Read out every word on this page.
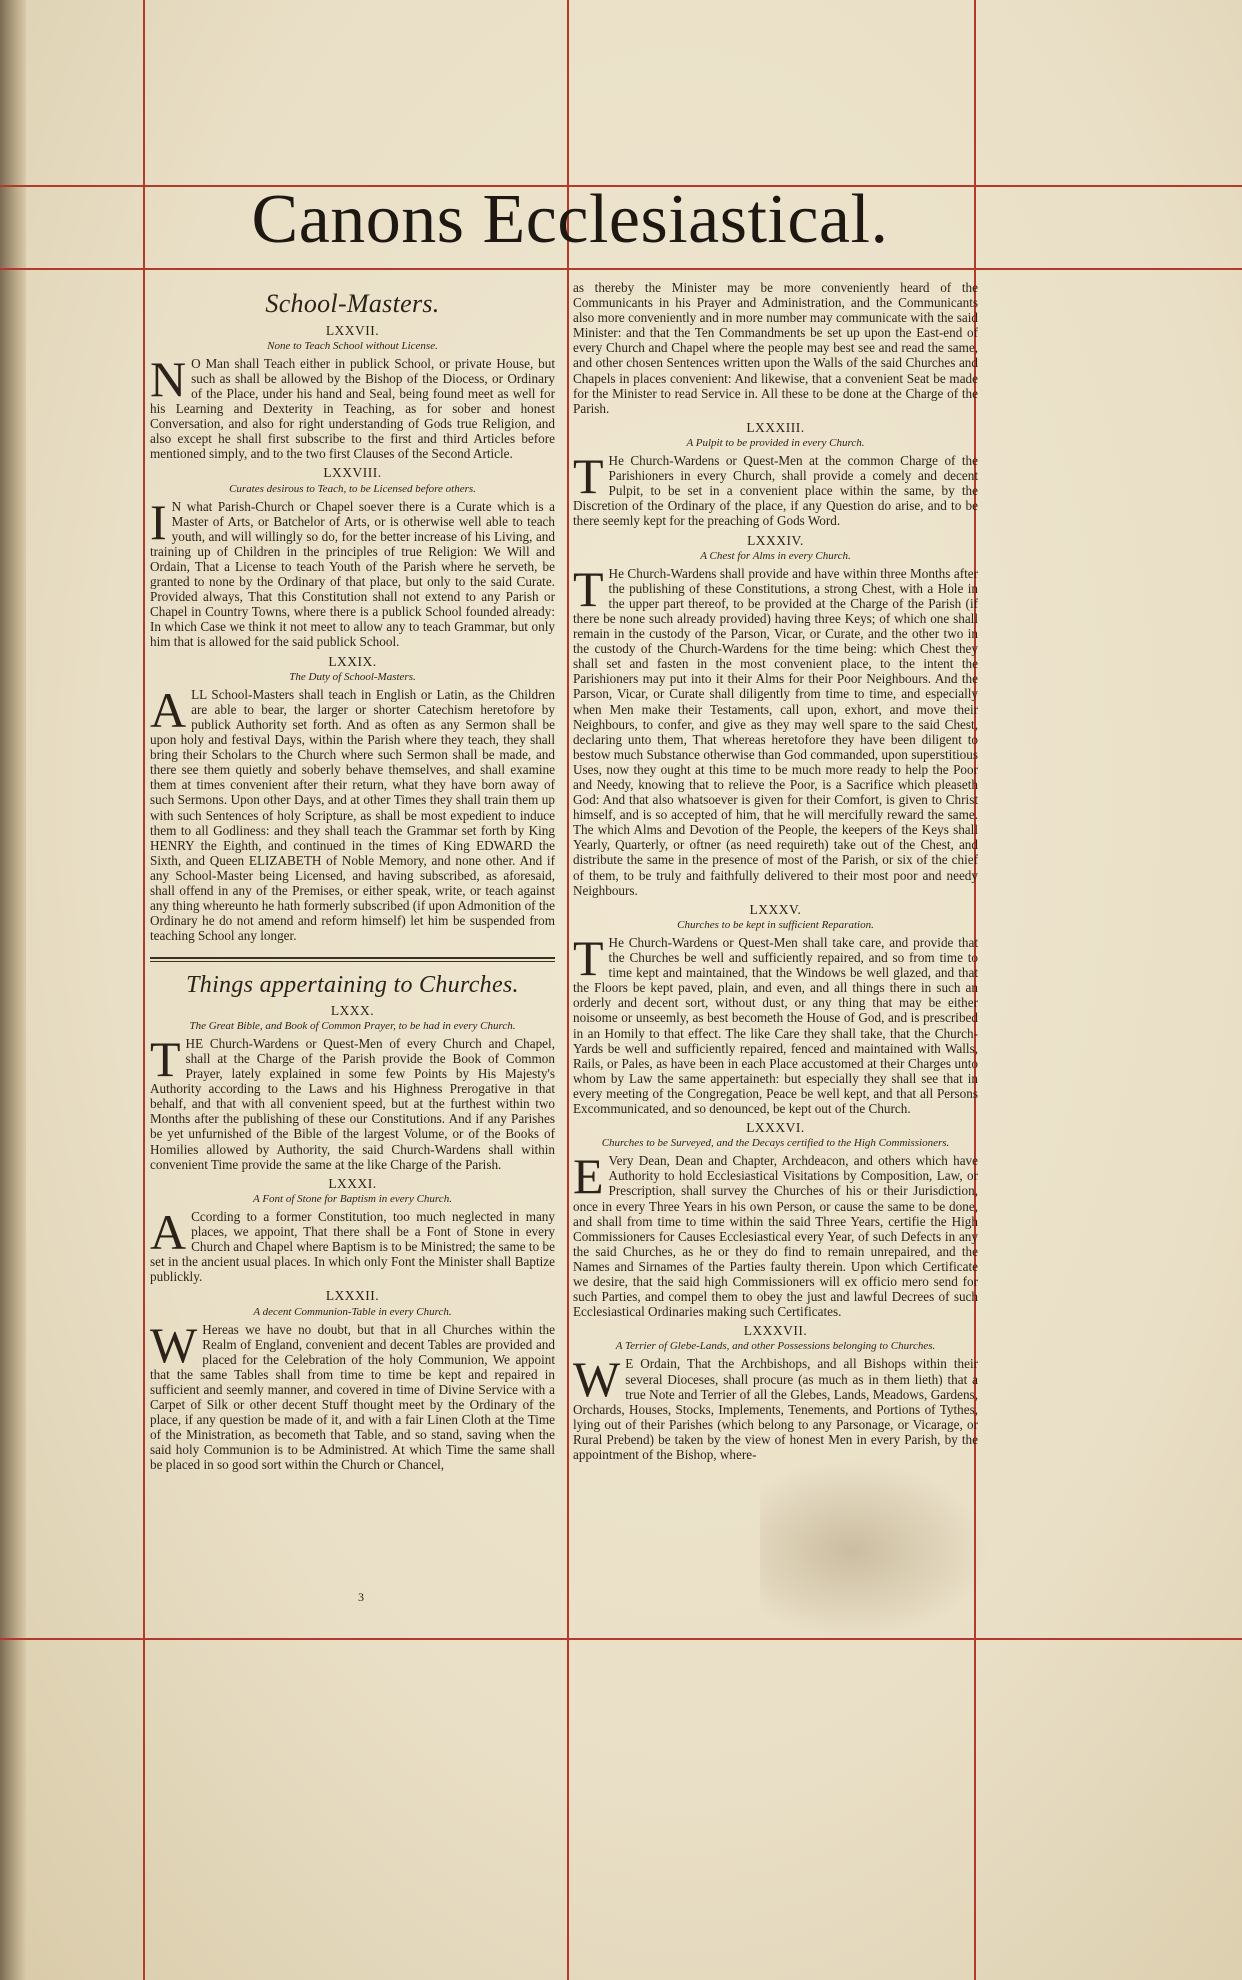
Canons Ecclesiastical.
School-Masters.
LXXVII.
None to Teach School without License.
N O Man shall Teach either in publick School, or private House, but such as shall be allowed by the Bishop of the Diocess, or Ordinary of the Place, under his hand and Seal, being found meet as well for his Learning and Dexterity in Teaching, as for sober and honest Conversation, and also for right understanding of Gods true Religion, and also except he shall first subscribe to the first and third Articles before mentioned simply, and to the two first Clauses of the Second Article.
LXXVIII.
Curates desirous to Teach, to be Licensed before others.
I N what Parish-Church or Chapel soever there is a Curate which is a Master of Arts, or Batchelor of Arts, or is otherwise well able to teach youth, and will willingly so do, for the better increase of his Living, and training up of Children in the principles of true Religion: We Will and Ordain, That a License to teach Youth of the Parish where he serveth, be granted to none by the Ordinary of that place, but only to the said Curate. Provided always, That this Constitution shall not extend to any Parish or Chapel in Country Towns, where there is a publick School founded already: In which Case we think it not meet to allow any to teach Grammar, but only him that is allowed for the said publick School.
LXXIX.
The Duty of School-Masters.
ALL School-Masters shall teach in English or Latin, as the Children are able to bear, the larger or shorter Catechism heretofore by publick Authority set forth. And as often as any Sermon shall be upon holy and festival Days, within the Parish where they teach, they shall bring their Scholars to the Church where such Sermon shall be made, and there see them quietly and soberly behave themselves, and shall examine them at times convenient after their return, what they have born away of such Sermons. Upon other Days, and at other Times they shall train them up with such Sentences of holy Scripture, as shall be most expedient to induce them to all Godliness: and they shall teach the Grammar set forth by King HENRY the Eighth, and continued in the times of King EDWARD the Sixth, and Queen ELIZABETH of Noble Memory, and none other. And if any School-Master being Licensed, and having subscribed, as aforesaid, shall offend in any of the Premises, or either speak, write, or teach against any thing whereunto he hath formerly subscribed (if upon Admonition of the Ordinary he do not amend and reform himself) let him be suspended from teaching School any longer.
Things appertaining to Churches.
LXXX.
The Great Bible, and Book of Common Prayer, to be had in every Church.
THE Church-Wardens or Quest-Men of every Church and Chapel, shall at the Charge of the Parish provide the Book of Common Prayer, lately explained in some few Points by His Majesty's Authority according to the Laws and his Highness Prerogative in that behalf, and that with all convenient speed, but at the furthest within two Months after the publishing of these our Constitutions. And if any Parishes be yet unfurnished of the Bible of the largest Volume, or of the Books of Homilies allowed by Authority, the said Church-Wardens shall within convenient Time provide the same at the like Charge of the Parish.
LXXXI.
A Font of Stone for Baptism in every Church.
A Ccording to a former Constitution, too much neglected in many places, we appoint, That there shall be a Font of Stone in every Church and Chapel where Baptism is to be Ministred; the same to be set in the ancient usual places. In which only Font the Minister shall Baptize publickly.
LXXXII.
A decent Communion-Table in every Church.
W Hereas we have no doubt, but that in all Churches within the Realm of England, convenient and decent Tables are provided and placed for the Celebration of the holy Communion, We appoint that the same Tables shall from time to time be kept and repaired in sufficient and seemly manner, and covered in time of Divine Service with a Carpet of Silk or other decent Stuff thought meet by the Ordinary of the place, if any question be made of it, and with a fair Linen Cloth at the Time of the Ministration, as becometh that Table, and so stand, saving when the said holy Communion is to be Administred. At which Time the same shall be placed in so good sort within the Church or Chancel,
as thereby the Minister may be more conveniently heard of the Communicants in his Prayer and Administration, and the Communicants also more conveniently and in more number may communicate with the said Minister: and that the Ten Commandments be set up upon the East-end of every Church and Chapel where the people may best see and read the same, and other chosen Sentences written upon the Walls of the said Churches and Chapels in places convenient: And likewise, that a convenient Seat be made for the Minister to read Service in. All these to be done at the Charge of the Parish.
LXXXIII.
A Pulpit to be provided in every Church.
T He Church-Wardens or Quest-Men at the common Charge of the Parishioners in every Church, shall provide a comely and decent Pulpit, to be set in a convenient place within the same, by the Discretion of the Ordinary of the place, if any Question do arise, and to be there seemly kept for the preaching of Gods Word.
LXXXIV.
A Chest for Alms in every Church.
T He Church-Wardens shall provide and have within three Months after the publishing of these Constitutions, a strong Chest, with a Hole in the upper part thereof, to be provided at the Charge of the Parish (if there be none such already provided) having three Keys; of which one shall remain in the custody of the Parson, Vicar, or Curate, and the other two in the custody of the Church-Wardens for the time being: which Chest they shall set and fasten in the most convenient place, to the intent the Parishioners may put into it their Alms for their Poor Neighbours. And the Parson, Vicar, or Curate shall diligently from time to time, and especially when Men make their Testaments, call upon, exhort, and move their Neighbours, to confer, and give as they may well spare to the said Chest, declaring unto them, That whereas heretofore they have been diligent to bestow much Substance otherwise than God commanded, upon superstitious Uses, now they ought at this time to be much more ready to help the Poor and Needy, knowing that to relieve the Poor, is a Sacrifice which pleaseth God: And that also whatsoever is given for their Comfort, is given to Christ himself, and is so accepted of him, that he will mercifully reward the same. The which Alms and Devotion of the People, the keepers of the Keys shall Yearly, Quarterly, or oftner (as need requireth) take out of the Chest, and distribute the same in the presence of most of the Parish, or six of the chief of them, to be truly and faithfully delivered to their most poor and needy Neighbours.
LXXXV.
Churches to be kept in sufficient Reparation.
T He Church-Wardens or Quest-Men shall take care, and provide that the Churches be well and sufficiently repaired, and so from time to time kept and maintained, that the Windows be well glazed, and that the Floors be kept paved, plain, and even, and all things there in such an orderly and decent sort, without dust, or any thing that may be either noisome or unseemly, as best becometh the House of God, and is prescribed in an Homily to that effect. The like Care they shall take, that the Church-Yards be well and sufficiently repaired, fenced and maintained with Walls, Rails, or Pales, as have been in each Place accustomed at their Charges unto whom by Law the same appertaineth: but especially they shall see that in every meeting of the Congregation, Peace be well kept, and that all Persons Excommunicated, and so denounced, be kept out of the Church.
LXXXVI.
Churches to be Surveyed, and the Decays certified to the High Commissioners.
E Very Dean, Dean and Chapter, Archdeacon, and others which have Authority to hold Ecclesiastical Visitations by Composition, Law, or Prescription, shall survey the Churches of his or their Jurisdiction, once in every Three Years in his own Person, or cause the same to be done, and shall from time to time within the said Three Years, certifie the High Commissioners for Causes Ecclesiastical every Year, of such Defects in any the said Churches, as he or they do find to remain unrepaired, and the Names and Sirnames of the Parties faulty therein. Upon which Certificate we desire, that the said high Commissioners will ex officio mero send for such Parties, and compel them to obey the just and lawful Decrees of such Ecclesiastical Ordinaries making such Certificates.
LXXXVII.
A Terrier of Glebe-Lands, and other Possessions belonging to Churches.
W E Ordain, That the Archbishops, and all Bishops within their several Dioceses, shall procure (as much as in them lieth) that a true Note and Terrier of all the Glebes, Lands, Meadows, Gardens, Orchards, Houses, Stocks, Implements, Tenements, and Portions of Tythes, lying out of their Parishes (which belong to any Parsonage, or Vicarage, or Rural Prebend) be taken by the view of honest Men in every Parish, by the appointment of the Bishop, where-
3
